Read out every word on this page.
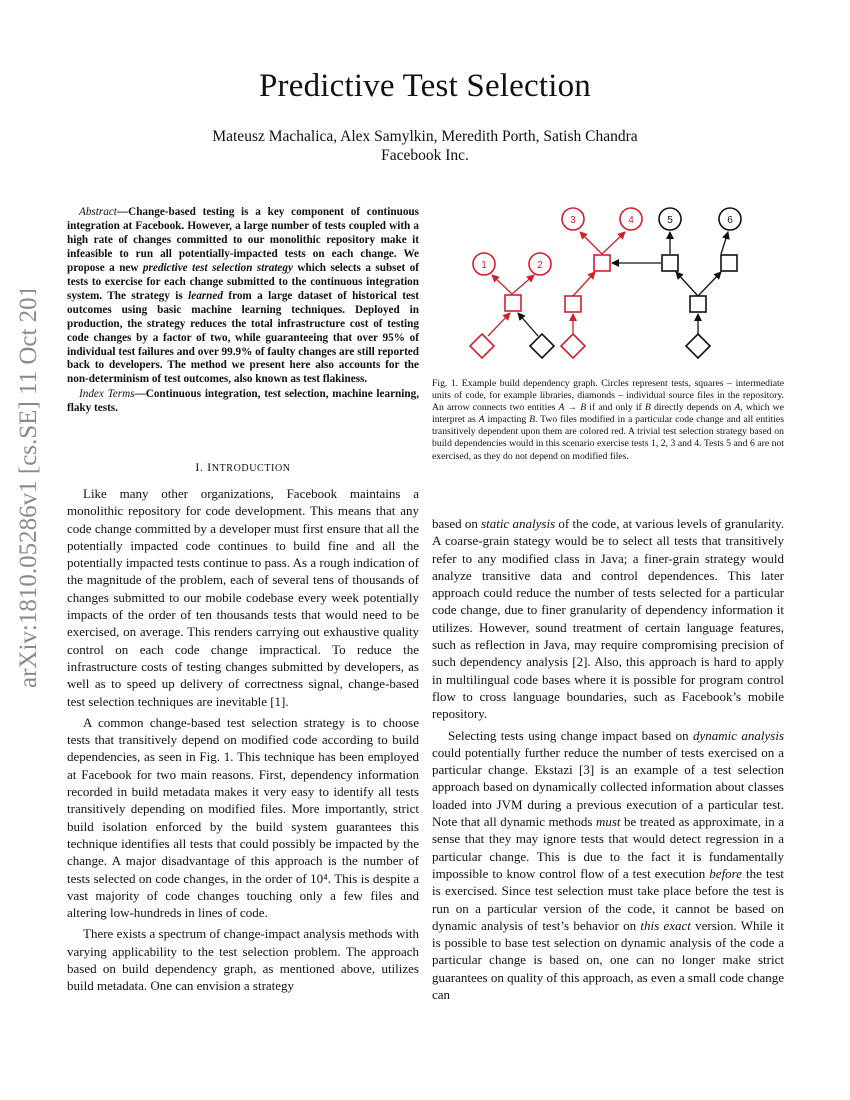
arXiv:1810.05286v1 [cs.SE] 11 Oct 2018
Predictive Test Selection
Mateusz Machalica, Alex Samylkin, Meredith Porth, Satish Chandra
Facebook Inc.

Abstract—Change-based testing is a key component of continuous integration at Facebook. However, a large number of tests coupled with a high rate of changes committed to our monolithic repository make it infeasible to run all potentially-impacted tests on each change. We propose a new predictive test selection strategy which selects a subset of tests to exercise for each change submitted to the continuous integration system. The strategy is learned from a large dataset of historical test outcomes using basic machine learning techniques. Deployed in production, the strategy reduces the total infrastructure cost of testing code changes by a factor of two, while guaranteeing that over 95% of individual test failures and over 99.9% of faulty changes are still reported back to developers. The method we present here also accounts for the non-determinism of test outcomes, also known as test flakiness.

Index Terms—Continuous integration, test selection, machine learning, flaky tests.

I. INTRODUCTION

Like many other organizations, Facebook maintains a monolithic repository for code development. This means that any code change committed by a developer must first ensure that all the potentially impacted code continues to build fine and all the potentially impacted tests continue to pass. As a rough indication of the magnitude of the problem, each of several tens of thousands of changes submitted to our mobile codebase every week potentially impacts of the order of ten thousands tests that would need to be exercised, on average. This renders carrying out exhaustive quality control on each code change impractical. To reduce the infrastructure costs of testing changes submitted by developers, as well as to speed up delivery of correctness signal, change-based test selection techniques are inevitable [1].

A common change-based test selection strategy is to choose tests that transitively depend on modified code according to build dependencies, as seen in Fig. 1. This technique has been employed at Facebook for two main reasons. First, dependency information recorded in build metadata makes it very easy to identify all tests transitively depending on modified files. More importantly, strict build isolation enforced by the build system guarantees this technique identifies all tests that could possibly be impacted by the change. A major disadvantage of this approach is the number of tests selected on code changes, in the order of 10⁴. This is despite a vast majority of code changes touching only a few files and altering low-hundreds in lines of code.

There exists a spectrum of change-impact analysis methods with varying applicability to the test selection problem. The approach based on build dependency graph, as mentioned above, utilizes build metadata. One can envision a strategy

1	2
3	4	5	6
Fig. 1. Example build dependency graph. Circles represent tests, squares – intermediate units of code, for example libraries, diamonds – individual source files in the repository. An arrow connects two entities A → B if and only if B directly depends on A, which we interpret as A impacting B. Two files modified in a particular code change and all entities transitively dependent upon them are colored red. A trivial test selection strategy based on build dependencies would in this scenario exercise tests 1, 2, 3 and 4. Tests 5 and 6 are not exercised, as they do not depend on modified files.

based on static analysis of the code, at various levels of granularity. A coarse-grain stategy would be to select all tests that transitively refer to any modified class in Java; a finer-grain strategy would analyze transitive data and control dependences. This later approach could reduce the number of tests selected for a particular code change, due to finer granularity of dependency information it utilizes. However, sound treatment of certain language features, such as reflection in Java, may require compromising precision of such dependency analysis [2]. Also, this approach is hard to apply in multilingual code bases where it is possible for program control flow to cross language boundaries, such as Facebook’s mobile repository.

Selecting tests using change impact based on dynamic analysis could potentially further reduce the number of tests exercised on a particular change. Ekstazi [3] is an example of a test selection approach based on dynamically collected information about classes loaded into JVM during a previous execution of a particular test. Note that all dynamic methods must be treated as approximate, in a sense that they may ignore tests that would detect regression in a particular change. This is due to the fact it is fundamentally impossible to know control flow of a test execution before the test is exercised. Since test selection must take place before the test is run on a particular version of the code, it cannot be based on dynamic analysis of test’s behavior on this exact version. While it is possible to base test selection on dynamic analysis of the code a particular change is based on, one can no longer make strict guarantees on quality of this approach, as even a small code change can
